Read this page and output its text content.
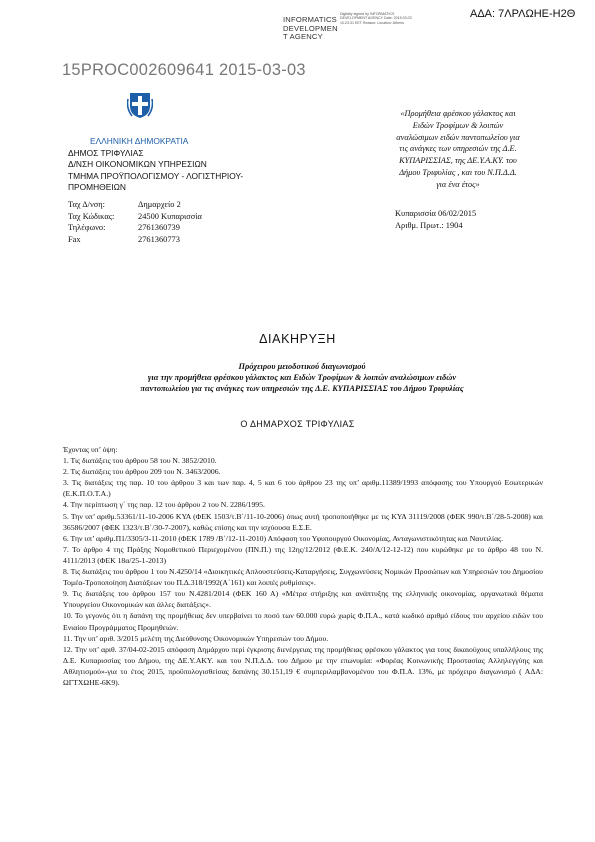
INFORMATICS
DEVELOPMEN
T AGENCY
Digitally signed by INFORMATICS DEVELOPMENT AGENCY Date: 2015.03.03 10:23:31 EET Reason: Location: Athens
ΑΔΑ: 7ΛΡΛΩΗΕ-Η2Θ
15PROC002609641 2015-03-03
ΕΛΛΗΝΙΚΗ ΔΗΜΟΚΡΑΤΙΑ
ΔΗΜΟΣ ΤΡΙΦΥΛΙΑΣ
Δ/ΝΣΗ ΟΙΚΟΝΟΜΙΚΩΝ ΥΠΗΡΕΣΙΩΝ
ΤΜΗΜΑ ΠΡΟΫΠΟΛΟΓΙΣΜΟΥ - ΛΟΓΙΣΤΗΡΙΟΥ-
ΠΡΟΜΗΘΕΙΩΝ
Ταχ Δ/νση:	Δημαρχείο 2
Ταχ Κώδικας:	24500 Κυπαρισσία
Τηλέφωνο:	2761360739
Fax	2761360773
«Προμήθεια φρέσκου γάλακτος και
Ειδών Τροφίμων & λοιπών
αναλώσιμων ειδών παντοπωλείου για
τις ανάγκες των υπηρεσιών της Δ.Ε.
ΚΥΠΑΡΙΣΣΙΑΣ, της ΔΕ.Υ.Α.ΚΥ. του
Δήμου Τριφυλίας , και του Ν.Π.Δ.Δ.
για ένα έτος»
Κυπαρισσία 06/02/2015
Αριθμ. Πρωτ.: 1904
ΔΙΑΚΗΡΥΞΗ
Πρόχειρου μειοδοτικού διαγωνισμού
για την προμήθεια φρέσκου γάλακτος και Ειδών Τροφίμων & λοιπών αναλώσιμων ειδών
παντοπωλείου για τις ανάγκες των υπηρεσιών της Δ.Ε. ΚΥΠΑΡΙΣΣΙΑΣ του Δήμου Τριφυλίας
Ο ΔΗΜΑΡΧΟΣ ΤΡΙΦΥΛΙΑΣ

Έχοντας υπ’ όψη:

1. Τις διατάξεις του άρθρου 58 του Ν. 3852/2010.

2. Τις διατάξεις του άρθρου 209 του Ν. 3463/2006.

3. Τις διατάξεις της παρ. 10 του άρθρου 3 και των παρ. 4, 5 και 6 του άρθρου 23 της υπ’ αριθμ.11389/1993 απόφασης του Υπουργού Εσωτερικών (Ε.Κ.Π.Ο.Τ.Α.)

4. Την περίπτωση γ΄ της παρ. 12 του άρθρου 2 του Ν. 2286/1995.

5. Την υπ’ αριθμ.53361/11-10-2006 ΚΥΑ (ΦΕΚ 1503/τ.Β΄/11-10-2006) όπως αυτή τροποποιήθηκε με τις ΚΥΑ 31119/2008 (ΦΕΚ 990/τ.Β΄/28-5-2008) και 36586/2007 (ΦΕΚ 1323/τ.Β΄/30-7-2007), καθώς επίσης και την ισχύουσα Ε.Σ.Ε.

6. Την υπ’ αριθμ.Π1/3305/3-11-2010 (ΦΕΚ 1789 /Β΄/12-11-2010) Απόφαση του Υφυπουργού Οικονομίας, Ανταγωνιστικότητας και Ναυτιλίας.

7. Το άρθρο 4 της Πράξης Νομοθετικού Περιεχομένου (ΠΝ.Π.) της 12ης/12/2012 (Φ.Ε.Κ. 240/Α/12-12-12) που κυρώθηκε με το άρθρο 48 του Ν. 4111/2013 (ΦΕΚ 18α/25-1-2013)

8. Τις διατάξεις του άρθρου 1 του Ν.4250/14 «Διοικητικές Απλουστεύσεις-Καταργήσεις, Συγχωνεύσεις Νομικών Προσώπων και Υπηρεσιών του Δημοσίου Τομέα-Τροποποίηση Διατάξεων του Π.Δ.318/1992(Α΄161) και λοιπές ρυθμίσεις».

9. Τις διατάξεις του άρθρου 157 του Ν.4281/2014 (ΦΕΚ 160 Α) «Μέτρα στήριξης και ανάπτυξης της ελληνικής οικονομίας, οργανωτικά θέματα Υπουργείου Οικονομικών και άλλες διατάξεις».

10. Το γεγονός ότι η δαπάνη της προμήθειας δεν υπερβαίνει το ποσό των 60.000 ευρώ χωρίς Φ.Π.Α., κατά κωδικό αριθμό είδους του αρχείου ειδών του Ενιαίου Προγράμματος Προμηθειών.

11. Την υπ’ αριθ. 3/2015 μελέτη της Διεύθυνσης Οικονομικών Υπηρεσιών του Δήμου.

12. Την υπ’ αριθ. 37/04-02-2015 απόφαση Δημάρχου περί έγκρισης διενέργειας της προμήθειας φρέσκου γάλακτος για τους δικαιούχους υπαλλήλους της Δ.Ε. Κυπαρισσίας του Δήμου, της ΔΕ.Υ.ΑΚΥ. και του Ν.Π.Δ.Δ. του Δήμου με την επωνυμία: «Φορέας Κοινωνικής Προστασίας Αλληλεγγύης και Αθλητισμού»-για το έτος 2015, προϋπολογισθείσας δαπάνης 30.151,19 € συμπεριλαμβανομένου του Φ.Π.Α. 13%, με πρόχειρο διαγωνισμό ( ΑΔΑ: ΩΓΤΧΩΗΕ-6Κ9).
